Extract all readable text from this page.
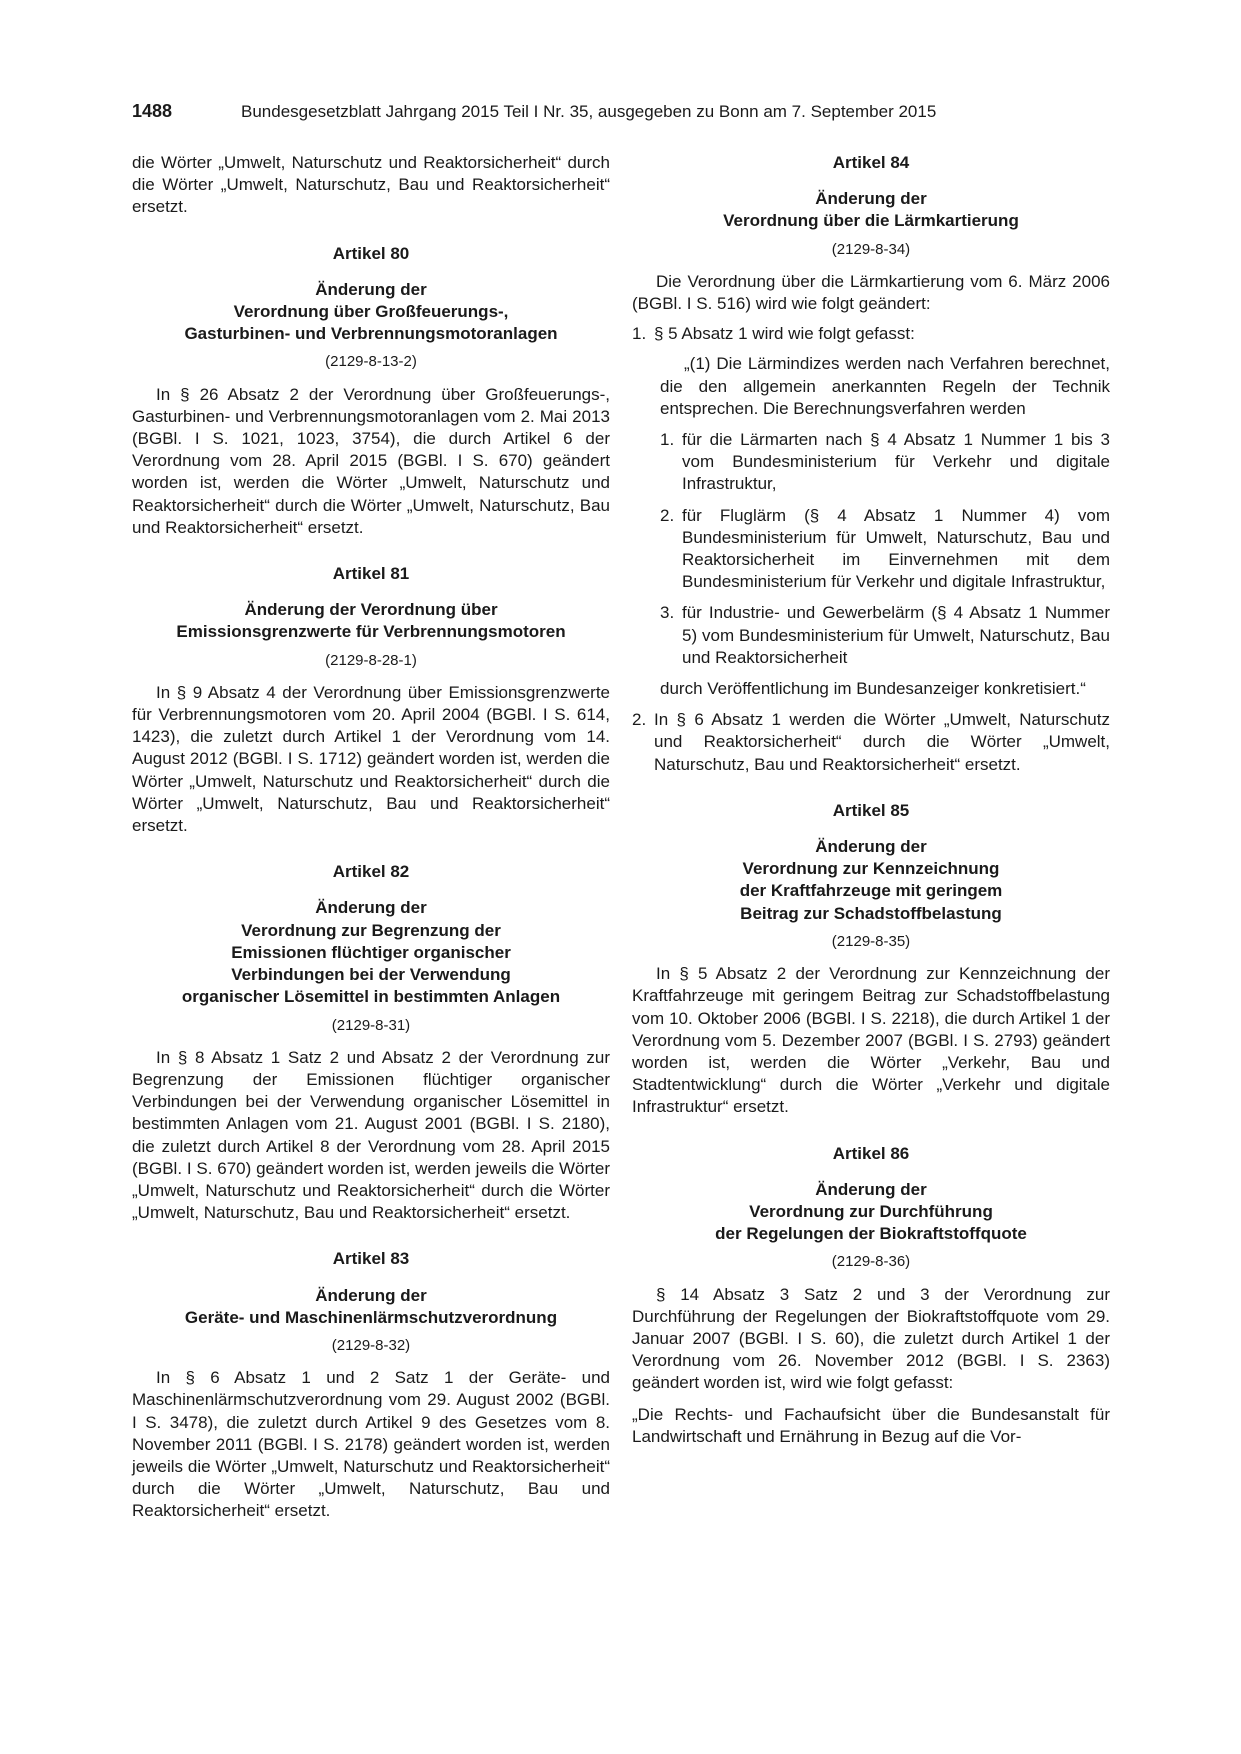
1488	Bundesgesetzblatt Jahrgang 2015 Teil I Nr. 35, ausgegeben zu Bonn am 7. September 2015

die Wörter „Umwelt, Naturschutz und Reaktorsicherheit“ durch die Wörter „Umwelt, Naturschutz, Bau und Reaktorsicherheit“ ersetzt.

Artikel 80
Änderung der
Verordnung über Großfeuerungs-,
Gasturbinen- und Verbrennungsmotoranlagen
(2129-8-13-2)

In § 26 Absatz 2 der Verordnung über Großfeuerungs-, Gasturbinen- und Verbrennungsmotoranlagen vom 2. Mai 2013 (BGBl. I S. 1021, 1023, 3754), die durch Artikel 6 der Verordnung vom 28. April 2015 (BGBl. I S. 670) geändert worden ist, werden die Wörter „Umwelt, Naturschutz und Reaktorsicherheit“ durch die Wörter „Umwelt, Naturschutz, Bau und Reaktorsicherheit“ ersetzt.

Artikel 81
Änderung der Verordnung über
Emissionsgrenzwerte für Verbrennungsmotoren
(2129-8-28-1)

In § 9 Absatz 4 der Verordnung über Emissionsgrenzwerte für Verbrennungsmotoren vom 20. April 2004 (BGBl. I S. 614, 1423), die zuletzt durch Artikel 1 der Verordnung vom 14. August 2012 (BGBl. I S. 1712) geändert worden ist, werden die Wörter „Umwelt, Naturschutz und Reaktorsicherheit“ durch die Wörter „Umwelt, Naturschutz, Bau und Reaktorsicherheit“ ersetzt.

Artikel 82
Änderung der
Verordnung zur Begrenzung der
Emissionen flüchtiger organischer
Verbindungen bei der Verwendung
organischer Lösemittel in bestimmten Anlagen
(2129-8-31)

In § 8 Absatz 1 Satz 2 und Absatz 2 der Verordnung zur Begrenzung der Emissionen flüchtiger organischer Verbindungen bei der Verwendung organischer Lösemittel in bestimmten Anlagen vom 21. August 2001 (BGBl. I S. 2180), die zuletzt durch Artikel 8 der Verordnung vom 28. April 2015 (BGBl. I S. 670) geändert worden ist, werden jeweils die Wörter „Umwelt, Naturschutz und Reaktorsicherheit“ durch die Wörter „Umwelt, Naturschutz, Bau und Reaktorsicherheit“ ersetzt.

Artikel 83
Änderung der
Geräte- und Maschinenlärmschutzverordnung
(2129-8-32)

In § 6 Absatz 1 und 2 Satz 1 der Geräte- und Maschinenlärmschutzverordnung vom 29. August 2002 (BGBl. I S. 3478), die zuletzt durch Artikel 9 des Gesetzes vom 8. November 2011 (BGBl. I S. 2178) geändert worden ist, werden jeweils die Wörter „Umwelt, Naturschutz und Reaktorsicherheit“ durch die Wörter „Umwelt, Naturschutz, Bau und Reaktorsicherheit“ ersetzt.

Artikel 84
Änderung der
Verordnung über die Lärmkartierung
(2129-8-34)

Die Verordnung über die Lärmkartierung vom 6. März 2006 (BGBl. I S. 516) wird wie folgt geändert:

1. § 5 Absatz 1 wird wie folgt gefasst:

„(1) Die Lärmindizes werden nach Verfahren berechnet, die den allgemein anerkannten Regeln der Technik entsprechen. Die Berechnungsverfahren werden

1. für die Lärmarten nach § 4 Absatz 1 Nummer 1 bis 3 vom Bundesministerium für Verkehr und digitale Infrastruktur,
2. für Fluglärm (§ 4 Absatz 1 Nummer 4) vom Bundesministerium für Umwelt, Naturschutz, Bau und Reaktorsicherheit im Einvernehmen mit dem Bundesministerium für Verkehr und digitale Infrastruktur,
3. für Industrie- und Gewerbelärm (§ 4 Absatz 1 Nummer 5) vom Bundesministerium für Umwelt, Naturschutz, Bau und Reaktorsicherheit

durch Veröffentlichung im Bundesanzeiger konkretisiert.“

2. In § 6 Absatz 1 werden die Wörter „Umwelt, Naturschutz und Reaktorsicherheit“ durch die Wörter „Umwelt, Naturschutz, Bau und Reaktorsicherheit“ ersetzt.
Artikel 85
Änderung der
Verordnung zur Kennzeichnung
der Kraftfahrzeuge mit geringem
Beitrag zur Schadstoffbelastung
(2129-8-35)

In § 5 Absatz 2 der Verordnung zur Kennzeichnung der Kraftfahrzeuge mit geringem Beitrag zur Schadstoffbelastung vom 10. Oktober 2006 (BGBl. I S. 2218), die durch Artikel 1 der Verordnung vom 5. Dezember 2007 (BGBl. I S. 2793) geändert worden ist, werden die Wörter „Verkehr, Bau und Stadtentwicklung“ durch die Wörter „Verkehr und digitale Infrastruktur“ ersetzt.

Artikel 86
Änderung der
Verordnung zur Durchführung
der Regelungen der Biokraftstoffquote
(2129-8-36)

§ 14 Absatz 3 Satz 2 und 3 der Verordnung zur Durchführung der Regelungen der Biokraftstoffquote vom 29. Januar 2007 (BGBl. I S. 60), die zuletzt durch Artikel 1 der Verordnung vom 26. November 2012 (BGBl. I S. 2363) geändert worden ist, wird wie folgt gefasst:

„Die Rechts- und Fachaufsicht über die Bundesanstalt für Landwirtschaft und Ernährung in Bezug auf die Vor-
